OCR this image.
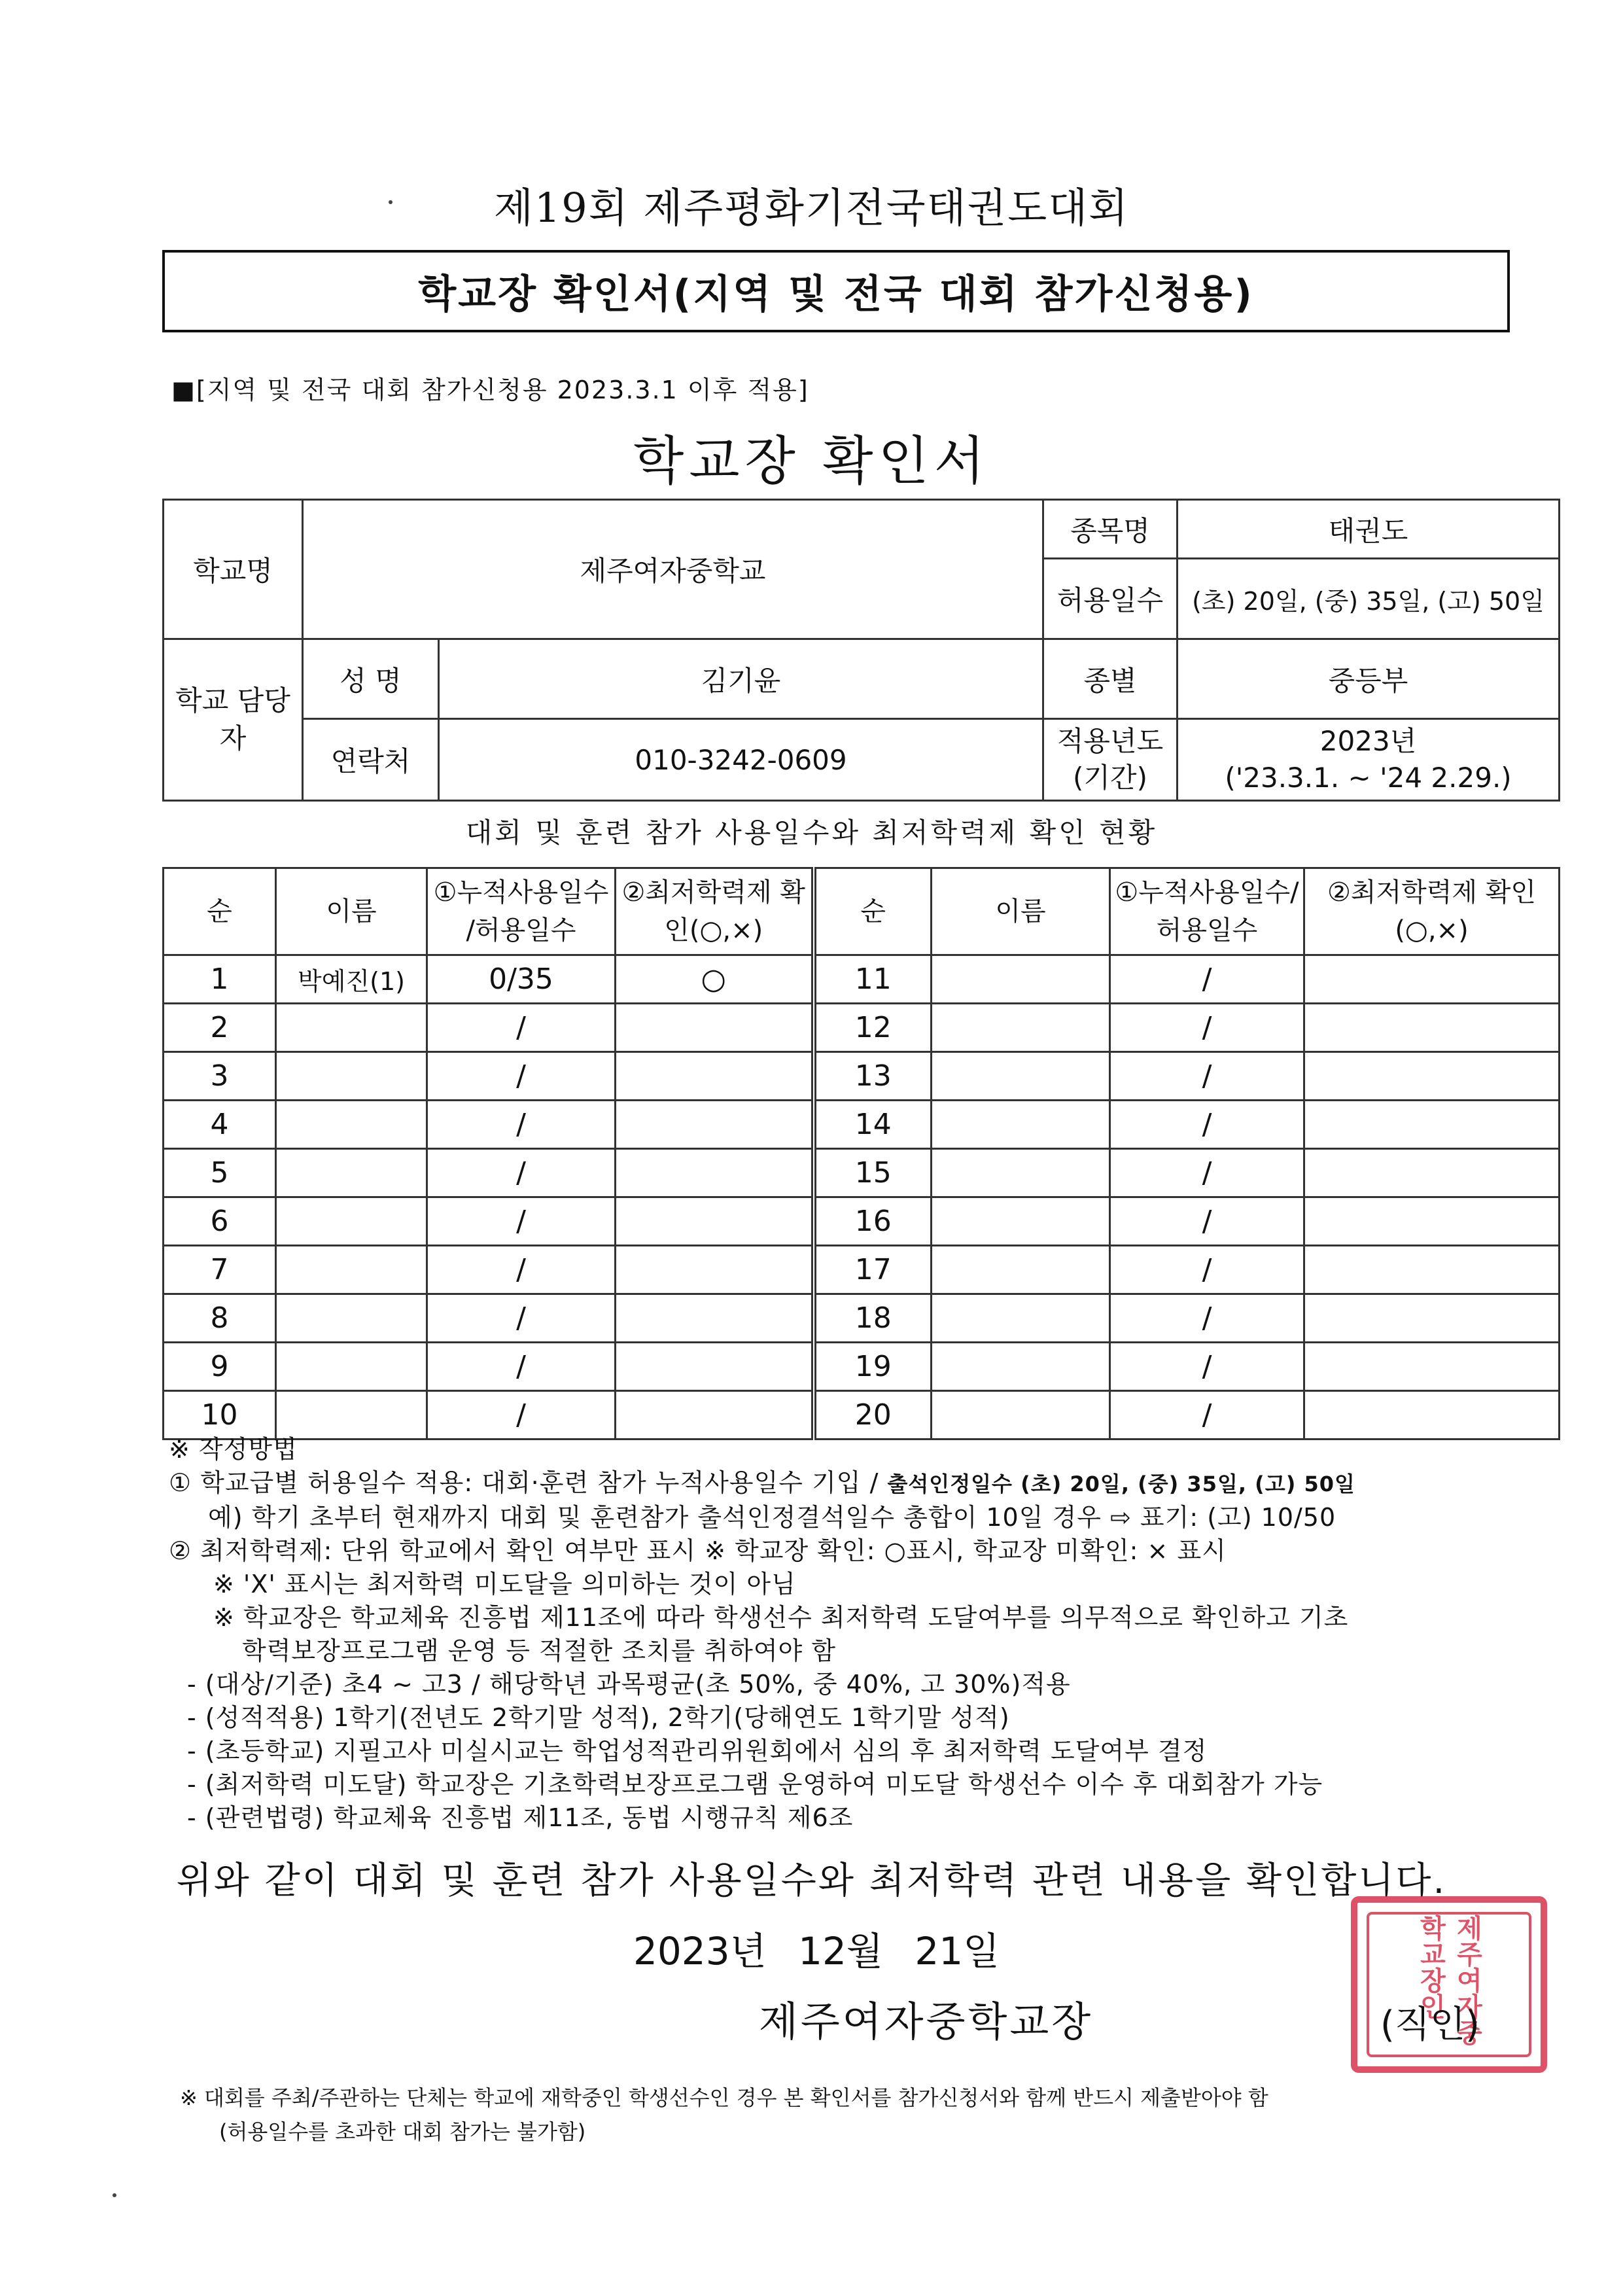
제19회 제주평화기전국태권도대회
학교장 확인서(지역 및 전국 대회 참가신청용)
■[지역 및 전국 대회 참가신청용 2023.3.1 이후 적용]
학교장 확인서
학교명	제주여자중학교		종목명	태권도
			허용일수	(초) 20일, (중) 35일, (고) 50일
학교 담당자	성 명	김기윤	종별	중등부
	연락처	010-3242-0609	적용년도 (기간)	2023년
('23.3.1. ~ '24 2.29.)
대회 및 훈련 참가 사용일수와 최저학력제 확인 현황
순	이름	①누적사용일수 /허용일수	②최저학력제 확인(○,×)	순	이름	①누적사용일수/ 허용일수	②최저학력제 확인(○,×)
1	박예진(1)	0/35	○	11		/	
2		/		12		/	
3		/		13		/	
4		/		14		/	
5		/		15		/	
6		/		16		/	
7		/		17		/	
8		/		18		/	
9		/		19		/	
10		/		20		/	
※ 작성방법
① 학교급별 허용일수 적용: 대회·훈련 참가 누적사용일수 기입 / 출석인정일수 (초) 20일, (중) 35일, (고) 50일
예) 학기 초부터 현재까지 대회 및 훈련참가 출석인정결석일수 총합이 10일 경우 ⇨ 표기: (고) 10/50
② 최저학력제: 단위 학교에서 확인 여부만 표시 ※ 학교장 확인: ○표시, 학교장 미확인: × 표시
※ 'X' 표시는 최저학력 미도달을 의미하는 것이 아님
※ 학교장은 학교체육 진흥법 제11조에 따라 학생선수 최저학력 도달여부를 의무적으로 확인하고 기초
학력보장프로그램 운영 등 적절한 조치를 취하여야 함
- (대상/기준) 초4 ~ 고3 / 해당학년 과목평균(초 50%, 중 40%, 고 30%)적용
- (성적적용) 1학기(전년도 2학기말 성적), 2학기(당해연도 1학기말 성적)
- (초등학교) 지필고사 미실시교는 학업성적관리위원회에서 심의 후 최저학력 도달여부 결정
- (최저학력 미도달) 학교장은 기초학력보장프로그램 운영하여 미도달 학생선수 이수 후 대회참가 가능
- (관련법령) 학교체육 진흥법 제11조, 동법 시행규칙 제6조
위와 같이 대회 및 훈련 참가 사용일수와 최저학력 관련 내용을 확인합니다.
2023년 12월 21일
제주여자중학교장	제주여자중학교장인
(직인)
※ 대회를 주최/주관하는 단체는 학교에 재학중인 학생선수인 경우 본 확인서를 참가신청서와 함께 반드시 제출받아야 함
(허용일수를 초과한 대회 참가는 불가함)
